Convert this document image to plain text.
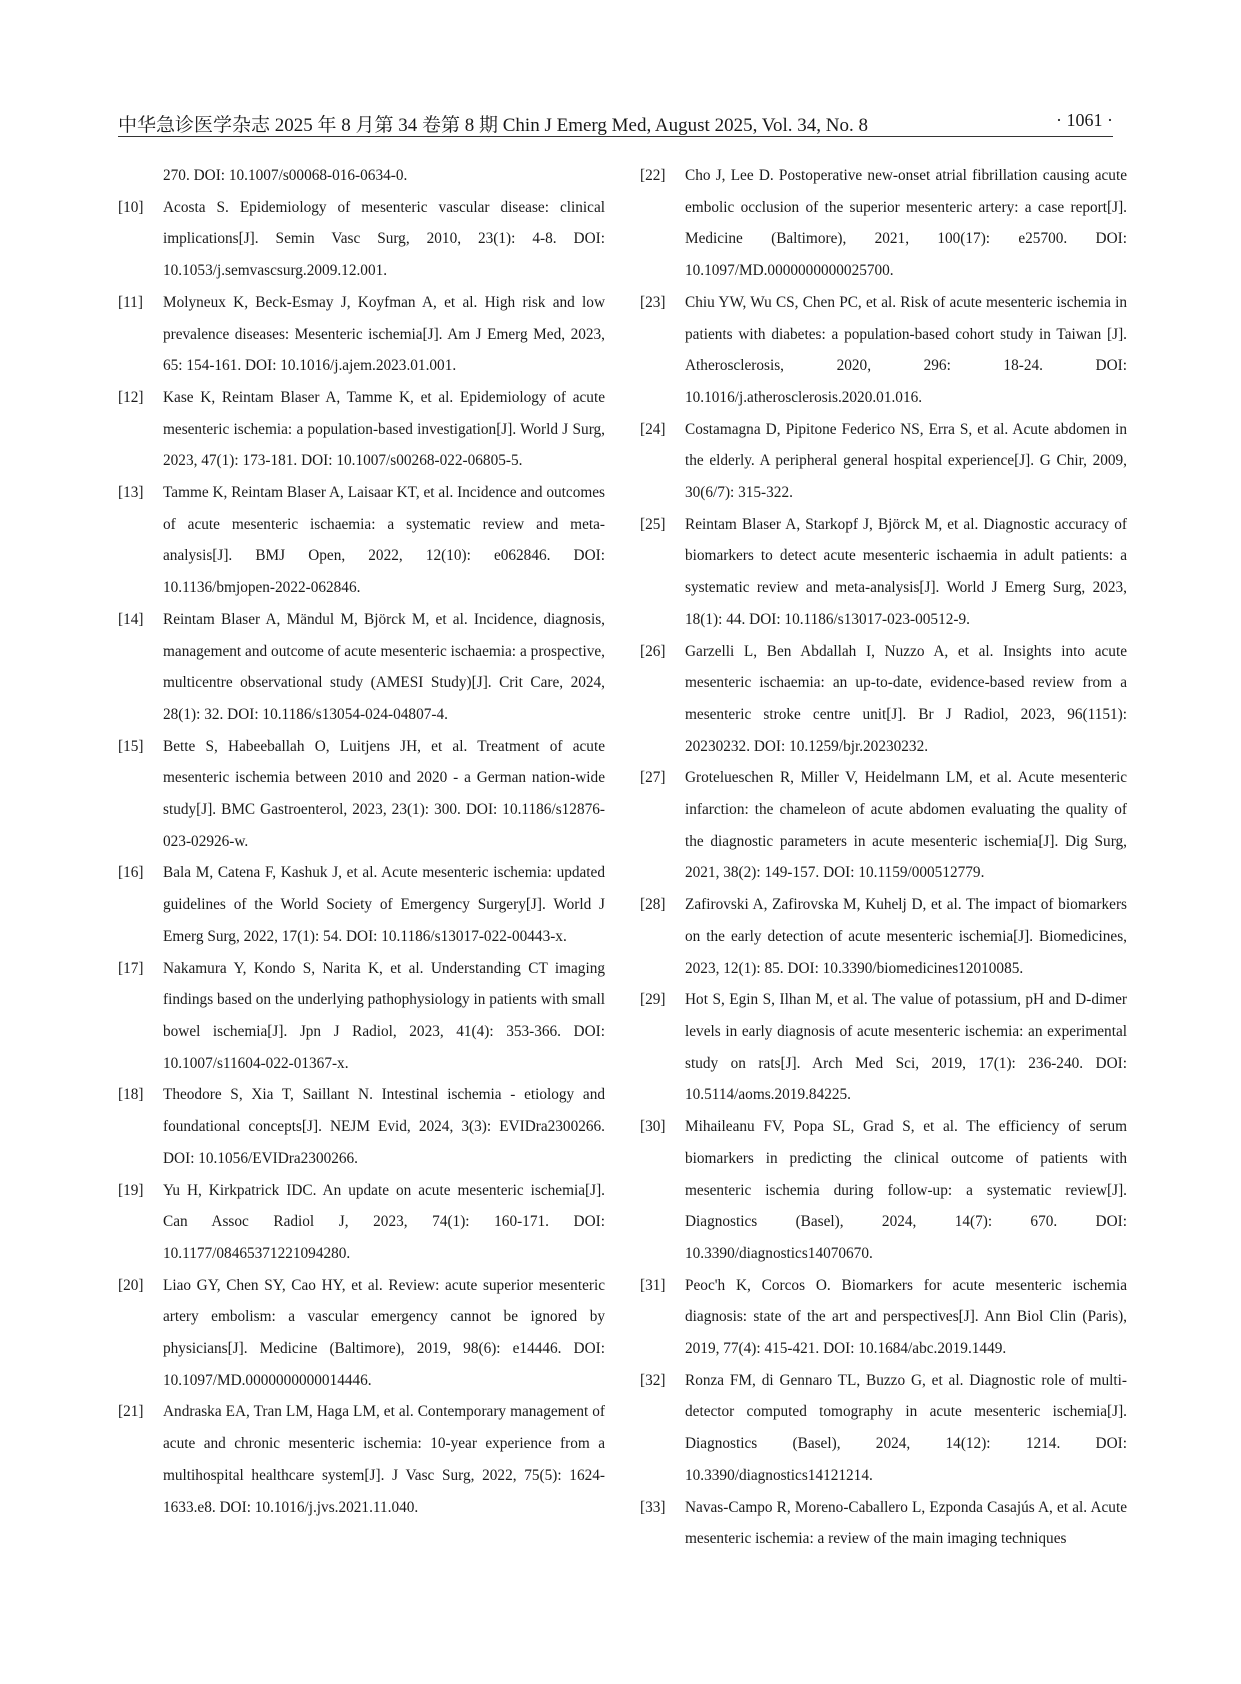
中华急诊医学杂志 2025 年 8 月第 34 卷第 8 期 Chin J Emerg Med, August 2025, Vol. 34, No. 8	· 1061 ·
270. DOI: 10.1007/s00068-016-0634-0.
[10] Acosta S. Epidemiology of mesenteric vascular disease: clinical implications[J]. Semin Vasc Surg, 2010, 23(1): 4-8. DOI: 10.1053/j.semvascsurg.2009.12.001.
[11] Molyneux K, Beck-Esmay J, Koyfman A, et al. High risk and low prevalence diseases: Mesenteric ischemia[J]. Am J Emerg Med, 2023, 65: 154-161. DOI: 10.1016/j.ajem.2023.01.001.
[12] Kase K, Reintam Blaser A, Tamme K, et al. Epidemiology of acute mesenteric ischemia: a population-based investigation[J]. World J Surg, 2023, 47(1): 173-181. DOI: 10.1007/s00268-022-06805-5.
[13] Tamme K, Reintam Blaser A, Laisaar KT, et al. Incidence and outcomes of acute mesenteric ischaemia: a systematic review and meta-analysis[J]. BMJ Open, 2022, 12(10): e062846. DOI: 10.1136/bmjopen-2022-062846.
[14] Reintam Blaser A, Mändul M, Björck M, et al. Incidence, diagnosis, management and outcome of acute mesenteric ischaemia: a prospective, multicentre observational study (AMESI Study)[J]. Crit Care, 2024, 28(1): 32. DOI: 10.1186/s13054-024-04807-4.
[15] Bette S, Habeeballah O, Luitjens JH, et al. Treatment of acute mesenteric ischemia between 2010 and 2020 - a German nation-wide study[J]. BMC Gastroenterol, 2023, 23(1): 300. DOI: 10.1186/s12876-023-02926-w.
[16] Bala M, Catena F, Kashuk J, et al. Acute mesenteric ischemia: updated guidelines of the World Society of Emergency Surgery[J]. World J Emerg Surg, 2022, 17(1): 54. DOI: 10.1186/s13017-022-00443-x.
[17] Nakamura Y, Kondo S, Narita K, et al. Understanding CT imaging findings based on the underlying pathophysiology in patients with small bowel ischemia[J]. Jpn J Radiol, 2023, 41(4): 353-366. DOI: 10.1007/s11604-022-01367-x.
[18] Theodore S, Xia T, Saillant N. Intestinal ischemia - etiology and foundational concepts[J]. NEJM Evid, 2024, 3(3): EVIDra2300266. DOI: 10.1056/EVIDra2300266.
[19] Yu H, Kirkpatrick IDC. An update on acute mesenteric ischemia[J]. Can Assoc Radiol J, 2023, 74(1): 160-171. DOI: 10.1177/08465371221094280.
[20] Liao GY, Chen SY, Cao HY, et al. Review: acute superior mesenteric artery embolism: a vascular emergency cannot be ignored by physicians[J]. Medicine (Baltimore), 2019, 98(6): e14446. DOI: 10.1097/MD.0000000000014446.
[21] Andraska EA, Tran LM, Haga LM, et al. Contemporary management of acute and chronic mesenteric ischemia: 10-year experience from a multihospital healthcare system[J]. J Vasc Surg, 2022, 75(5): 1624-1633.e8. DOI: 10.1016/j.jvs.2021.11.040.
[22] Cho J, Lee D. Postoperative new-onset atrial fibrillation causing acute embolic occlusion of the superior mesenteric artery: a case report[J]. Medicine (Baltimore), 2021, 100(17): e25700. DOI: 10.1097/MD.0000000000025700.
[23] Chiu YW, Wu CS, Chen PC, et al. Risk of acute mesenteric ischemia in patients with diabetes: a population-based cohort study in Taiwan [J]. Atherosclerosis, 2020, 296: 18-24. DOI: 10.1016/j.atherosclerosis.2020.01.016.
[24] Costamagna D, Pipitone Federico NS, Erra S, et al. Acute abdomen in the elderly. A peripheral general hospital experience[J]. G Chir, 2009, 30(6/7): 315-322.
[25] Reintam Blaser A, Starkopf J, Björck M, et al. Diagnostic accuracy of biomarkers to detect acute mesenteric ischaemia in adult patients: a systematic review and meta-analysis[J]. World J Emerg Surg, 2023, 18(1): 44. DOI: 10.1186/s13017-023-00512-9.
[26] Garzelli L, Ben Abdallah I, Nuzzo A, et al. Insights into acute mesenteric ischaemia: an up-to-date, evidence-based review from a mesenteric stroke centre unit[J]. Br J Radiol, 2023, 96(1151): 20230232. DOI: 10.1259/bjr.20230232.
[27] Grotelueschen R, Miller V, Heidelmann LM, et al. Acute mesenteric infarction: the chameleon of acute abdomen evaluating the quality of the diagnostic parameters in acute mesenteric ischemia[J]. Dig Surg, 2021, 38(2): 149-157. DOI: 10.1159/000512779.
[28] Zafirovski A, Zafirovska M, Kuhelj D, et al. The impact of biomarkers on the early detection of acute mesenteric ischemia[J]. Biomedicines, 2023, 12(1): 85. DOI: 10.3390/biomedicines12010085.
[29] Hot S, Egin S, Ilhan M, et al. The value of potassium, pH and D-dimer levels in early diagnosis of acute mesenteric ischemia: an experimental study on rats[J]. Arch Med Sci, 2019, 17(1): 236-240. DOI: 10.5114/aoms.2019.84225.
[30] Mihaileanu FV, Popa SL, Grad S, et al. The efficiency of serum biomarkers in predicting the clinical outcome of patients with mesenteric ischemia during follow-up: a systematic review[J]. Diagnostics (Basel), 2024, 14(7): 670. DOI: 10.3390/diagnostics14070670.
[31] Peoc'h K, Corcos O. Biomarkers for acute mesenteric ischemia diagnosis: state of the art and perspectives[J]. Ann Biol Clin (Paris), 2019, 77(4): 415-421. DOI: 10.1684/abc.2019.1449.
[32] Ronza FM, di Gennaro TL, Buzzo G, et al. Diagnostic role of multi-detector computed tomography in acute mesenteric ischemia[J]. Diagnostics (Basel), 2024, 14(12): 1214. DOI: 10.3390/diagnostics14121214.
[33] Navas-Campo R, Moreno-Caballero L, Ezponda Casajús A, et al. Acute mesenteric ischemia: a review of the main imaging techniques
